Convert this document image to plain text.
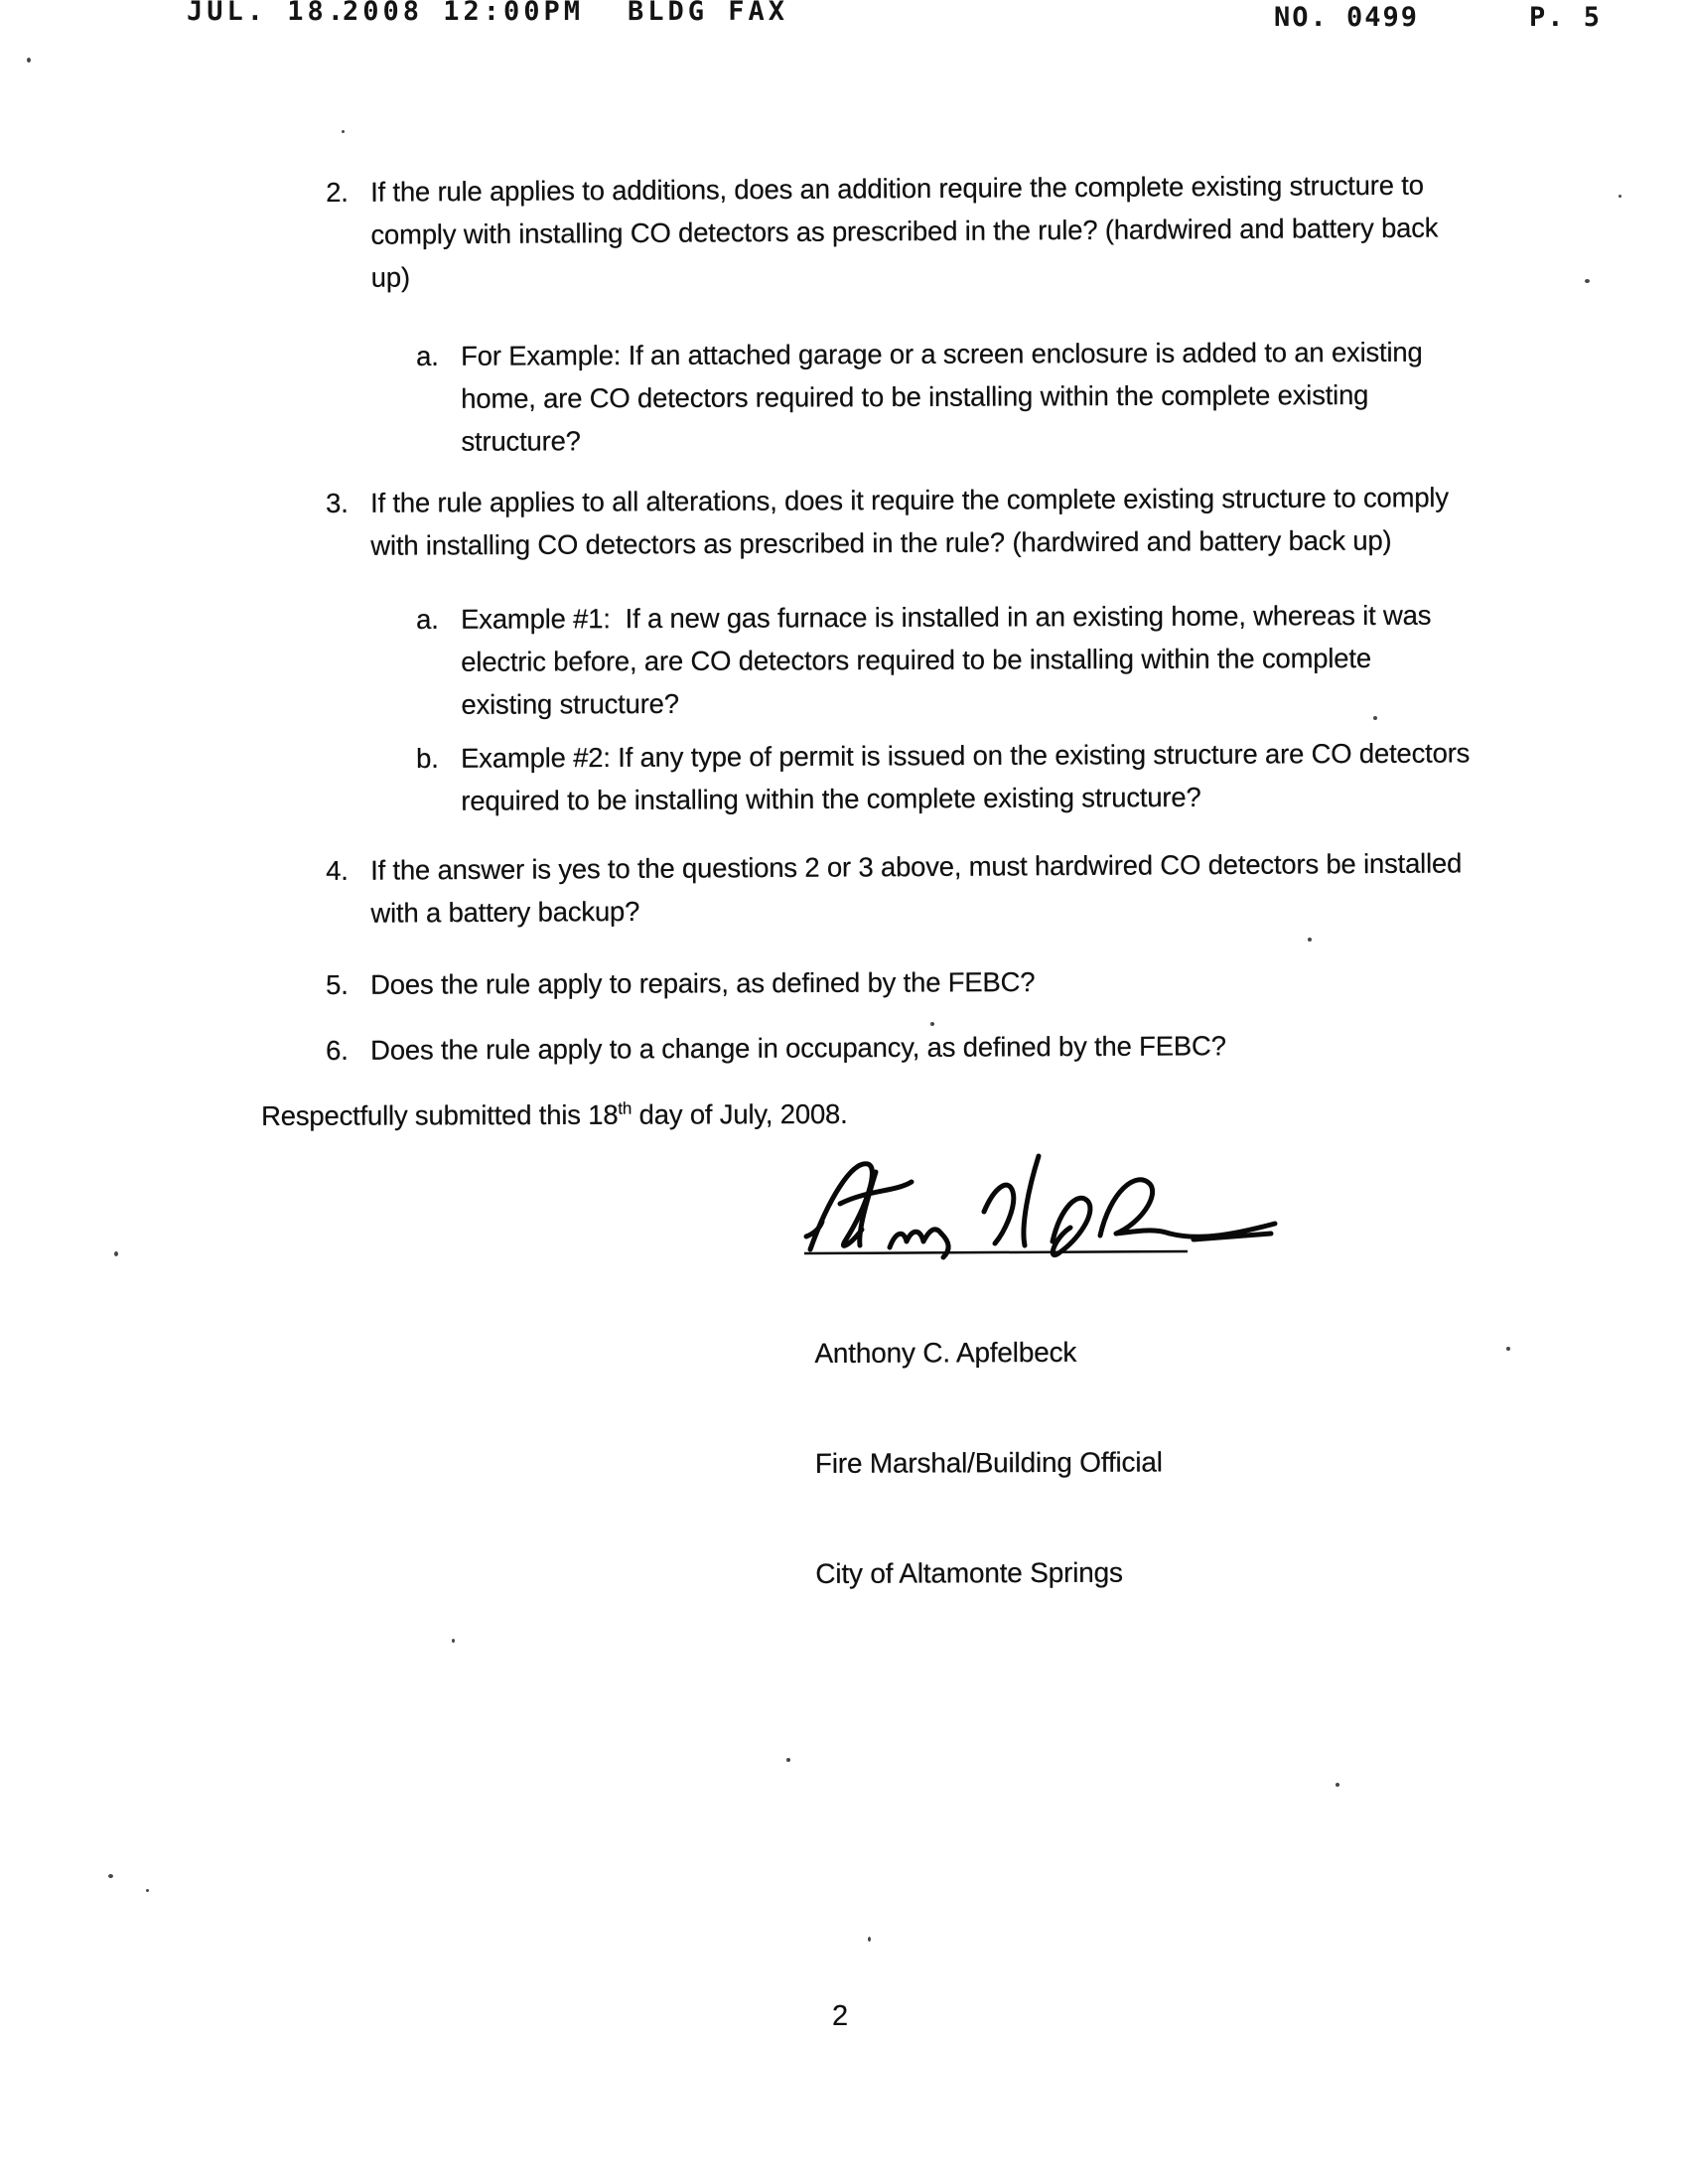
JUL. 18.
2008 12:00PM BLDG FAX	NO. 0499	P. 5
2. If the rule applies to additions, does an addition require the complete existing structure to
comply with installing CO detectors as prescribed in the rule? (hardwired and battery back
up)
a. For Example: If an attached garage or a screen enclosure is added to an existing
home, are CO detectors required to be installing within the complete existing
structure?
3. If the rule applies to all alterations, does it require the complete existing structure to comply
with installing CO detectors as prescribed in the rule? (hardwired and battery back up)
a. Example #1:  If a new gas furnace is installed in an existing home, whereas it was
electric before, are CO detectors required to be installing within the complete
existing structure?
b. Example #2: If any type of permit is issued on the existing structure are CO detectors
required to be installing within the complete existing structure?
4. If the answer is yes to the questions 2 or 3 above, must hardwired CO detectors be installed
with a battery backup?
5. Does the rule apply to repairs, as defined by the FEBC?
6. Does the rule apply to a change in occupancy, as defined by the FEBC?
Respectfully submitted this 18th day of July, 2008.

Anthony C. Apfelbeck

Fire Marshal/Building Official

City of Altamonte Springs

2
